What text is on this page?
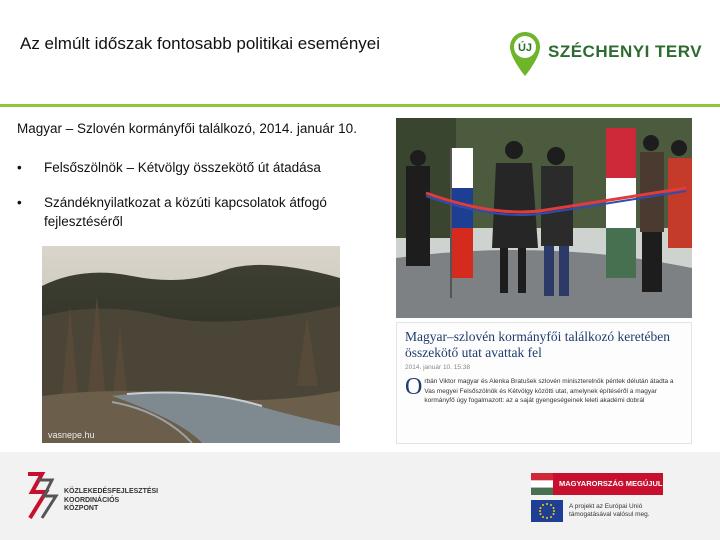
Az elmúlt időszak fontosabb politikai eseményei	ÚJ SZÉCHENYI TERV
Magyar – Szlovén kormányfői találkozó, 2014. január 10.
• Felsőszölnök – Kétvölgy összekötő út átadása
• Szándéknyilatkozat a közúti kapcsolatok átfogó fejlesztéséről
vasnepe.hu
Magyar–szlovén kormányfői találkozó keretében összekötő utat avattak fel
2014. január 10. 15:38
Orbán Viktor magyar és Alenka Bratušek szlovén miniszterelnök péntek délután átadta a Vas megyei Felsőszölnök és Kétvölgy közötti utat, amelynek építéséről a magyar kormányfő úgy fogalmazott: az a saját gyengeségeinek leleti akadémi dobrál
KÖZLEKEDÉSFEJLESZTÉSI
KOORDINÁCIÓS
KÖZPONT
MAGYARORSZÁG MEGÚJUL
A projekt az Európai Unió
támogatásával valósul meg.
